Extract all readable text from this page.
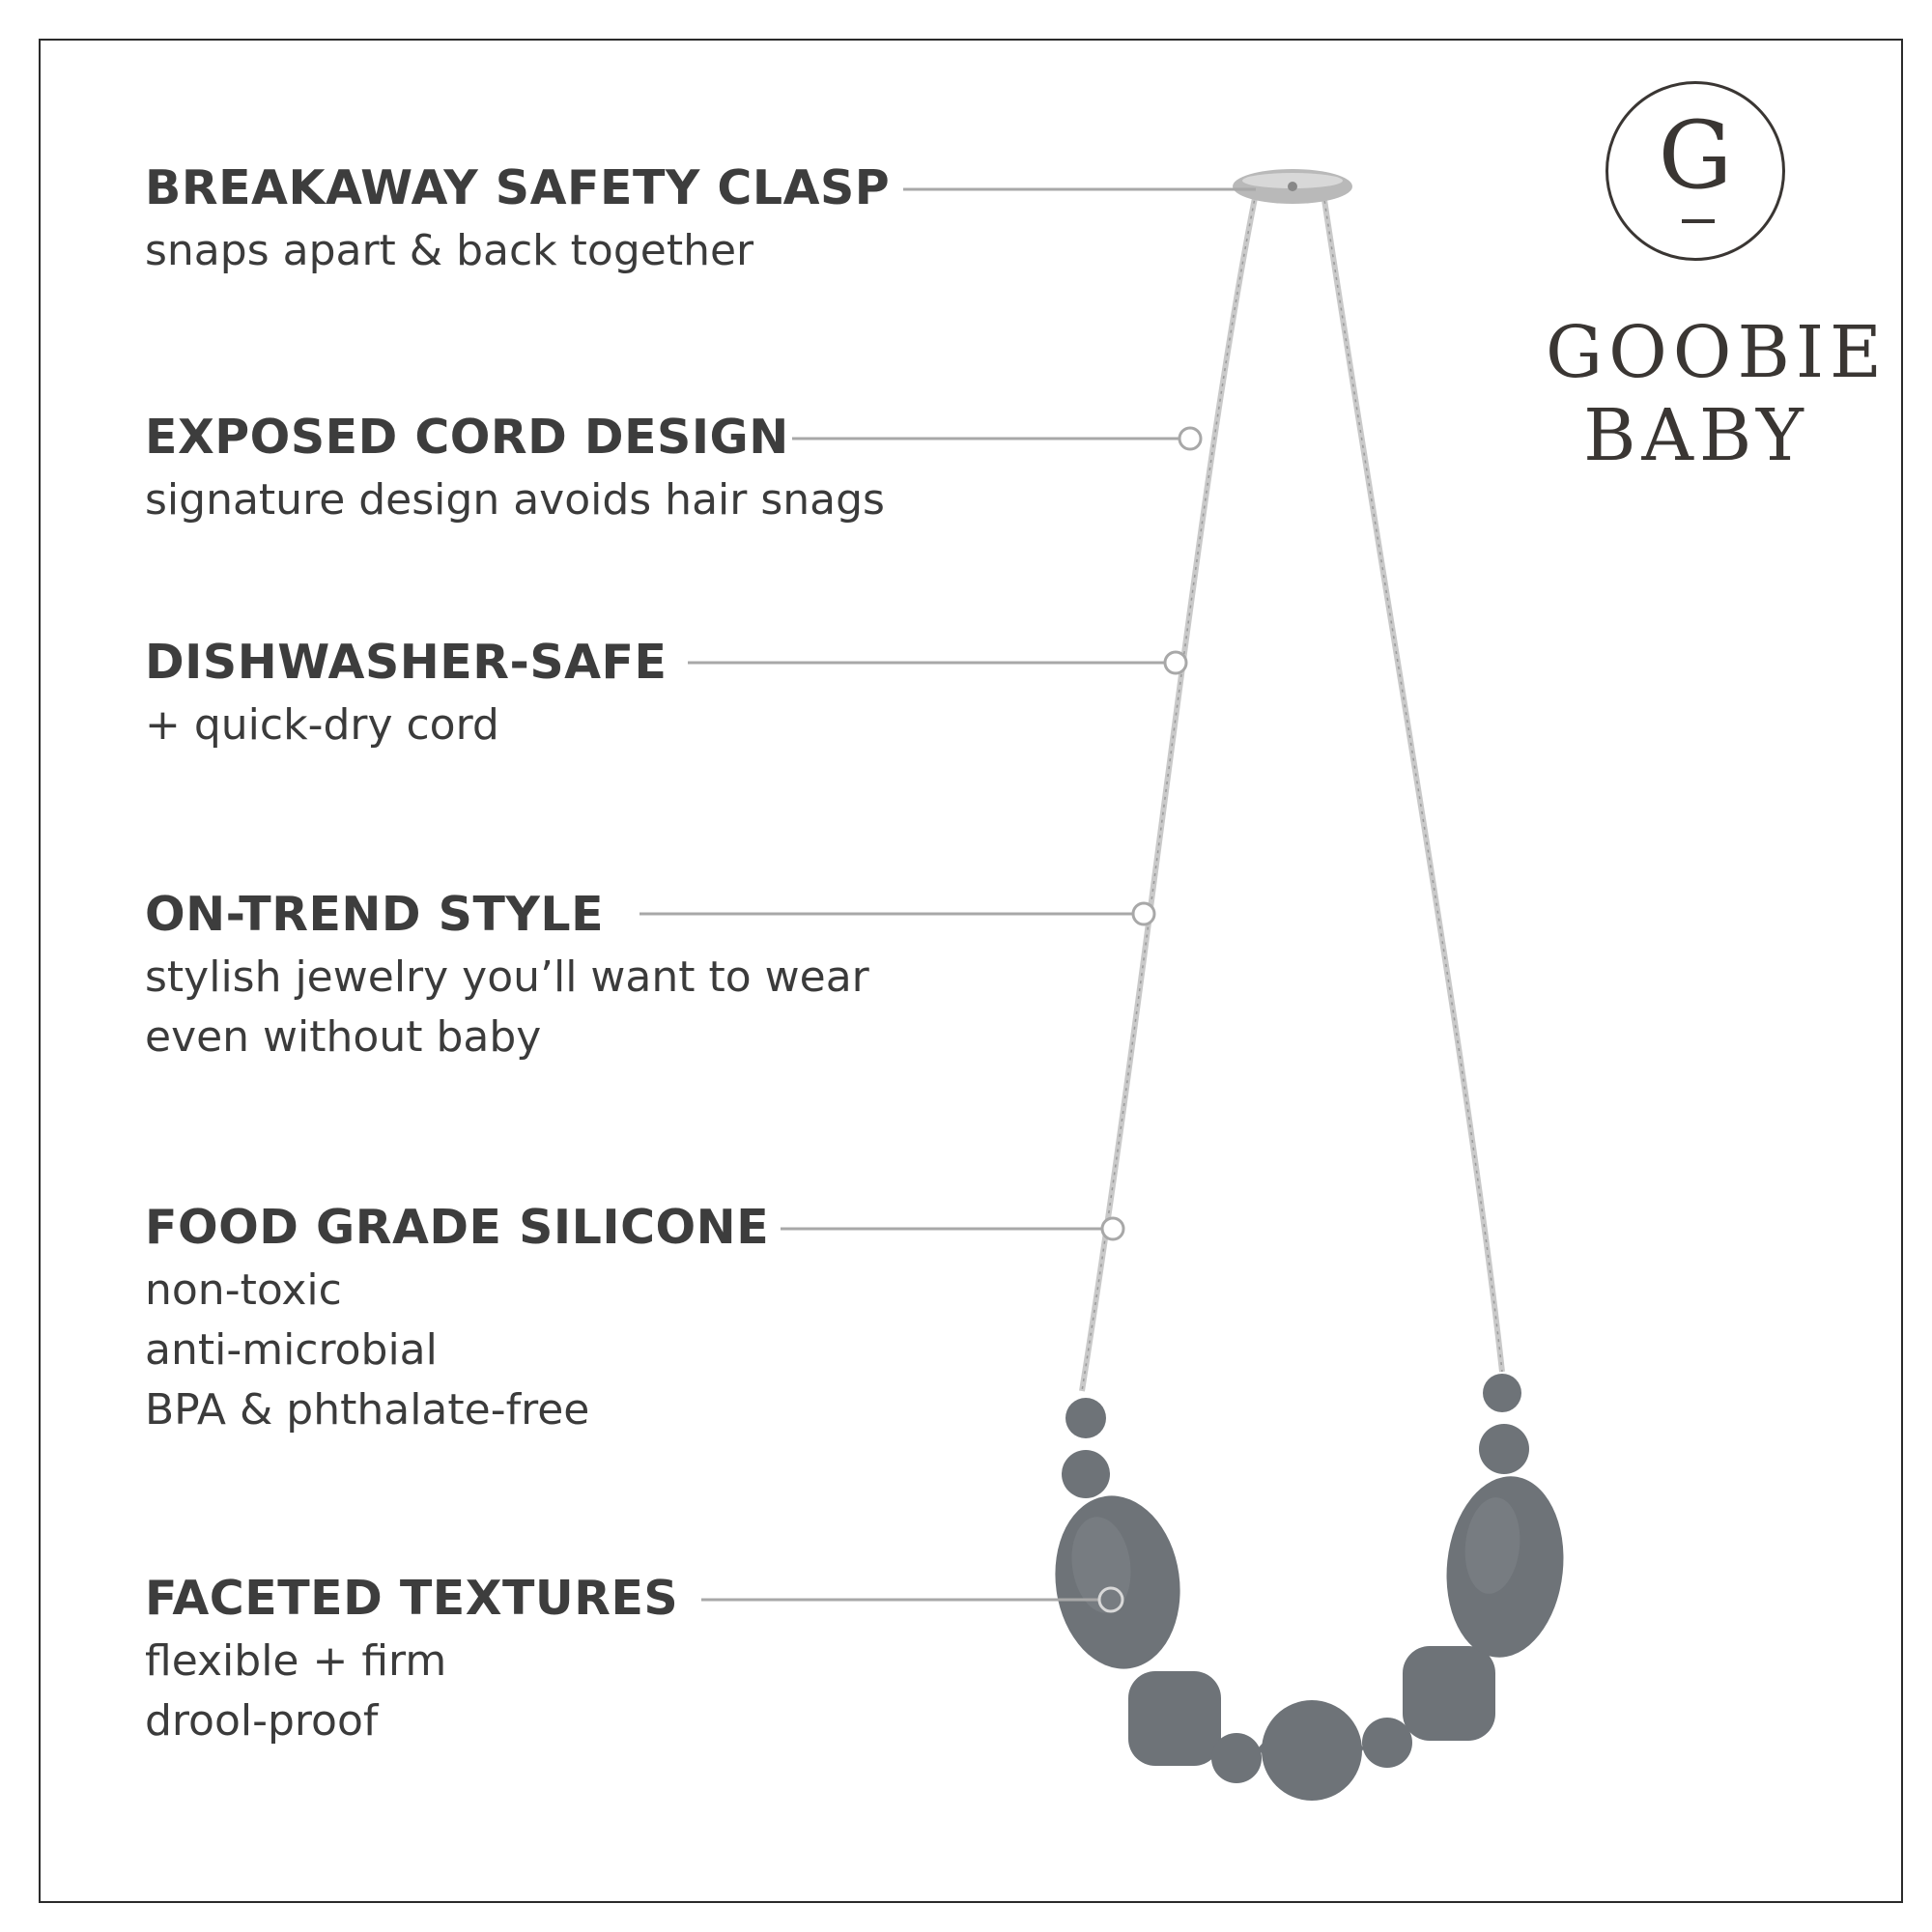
BREAKAWAY SAFETY CLASP
snaps apart & back together
EXPOSED CORD DESIGN
signature design avoids hair snags
DISHWASHER-SAFE
+ quick-dry cord
ON-TREND STYLE
stylish jewelry you’ll want to wear
even without baby
FOOD GRADE SILICONE
non-toxic
anti-microbial
BPA & phthalate-free
FACETED TEXTURES
flexible + firm
drool-proof
G
GOOBIE
BABY
